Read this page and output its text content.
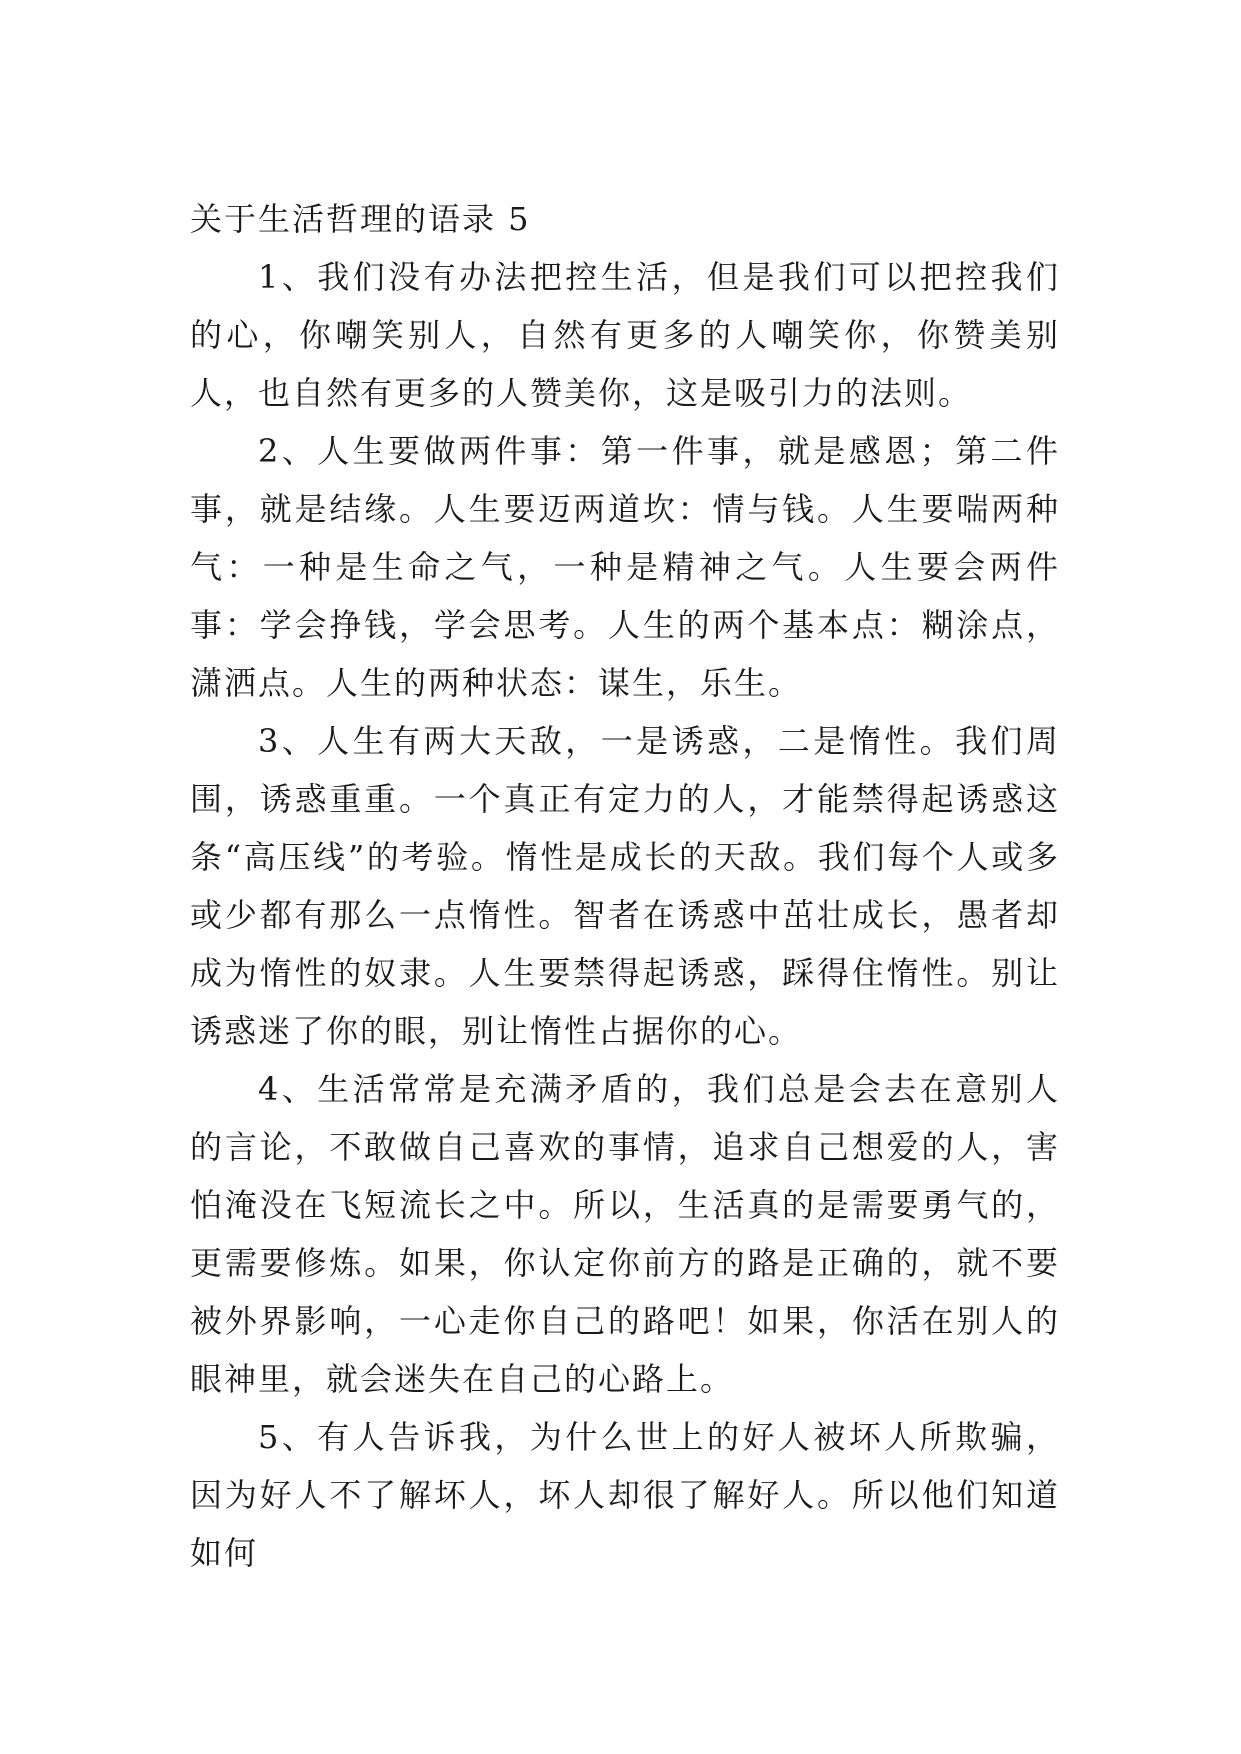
关于生活哲理的语录 5

1、我们没有办法把控生活，但是我们可以把控我们的心，你嘲笑别人，自然有更多的人嘲笑你，你赞美别人，也自然有更多的人赞美你，这是吸引力的法则。

2、人生要做两件事：第一件事，就是感恩；第二件事，就是结缘。人生要迈两道坎：情与钱。人生要喘两种气：一种是生命之气，一种是精神之气。人生要会两件事：学会挣钱，学会思考。人生的两个基本点：糊涂点，潇洒点。人生的两种状态：谋生，乐生。

3、人生有两大天敌，一是诱惑，二是惰性。我们周围，诱惑重重。一个真正有定力的人，才能禁得起诱惑这条“高压线”的考验。惰性是成长的天敌。我们每个人或多或少都有那么一点惰性。智者在诱惑中茁壮成长，愚者却成为惰性的奴隶。人生要禁得起诱惑，踩得住惰性。别让诱惑迷了你的眼，别让惰性占据你的心。

4、生活常常是充满矛盾的，我们总是会去在意别人的言论，不敢做自己喜欢的事情，追求自己想爱的人，害怕淹没在飞短流长之中。所以，生活真的是需要勇气的，更需要修炼。如果，你认定你前方的路是正确的，就不要被外界影响，一心走你自己的路吧！如果，你活在别人的眼神里，就会迷失在自己的心路上。

5、有人告诉我，为什么世上的好人被坏人所欺骗，因为好人不了解坏人，坏人却很了解好人。所以他们知道如何
